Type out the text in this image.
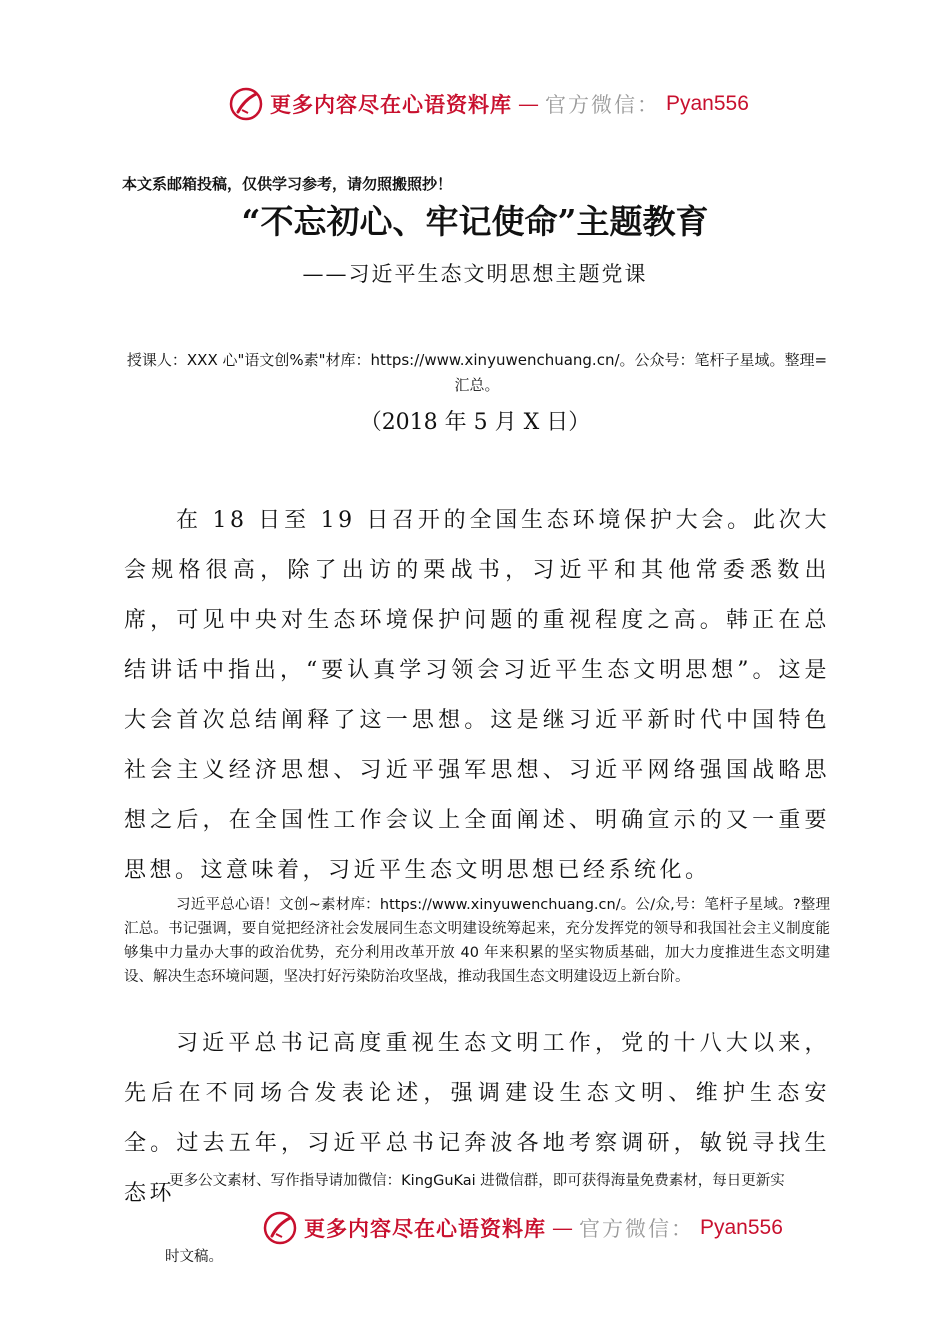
更多内容尽在心语资料库 — 官方微信： Pyan556
本文系邮箱投稿，仅供学习参考，请勿照搬照抄！
“不忘初心、牢记使命”主题教育
——习近平生态文明思想主题党课
授课人：XXX 心"语文创%素"材库：https://www.xinyuwenchuang.cn/。公众号：笔杆子星域。整理=汇总。
（2018 年 5 月 X 日）
在 18 日至 19 日召开的全国生态环境保护大会。此次大会规格很高，除了出访的栗战书，习近平和其他常委悉数出席，可见中央对生态环境保护问题的重视程度之高。韩正在总结讲话中指出，“要认真学习领会习近平生态文明思想”。这是大会首次总结阐释了这一思想。这是继习近平新时代中国特色社会主义经济思想、习近平强军思想、习近平网络强国战略思想之后，在全国性工作会议上全面阐述、明确宣示的又一重要思想。这意味着，习近平生态文明思想已经系统化。
习近平总心语！文创~素材库：https://www.xinyuwenchuang.cn/。公/众,号：笔杆子星域。?整理汇总。书记强调，要自觉把经济社会发展同生态文明建设统筹起来，充分发挥党的领导和我国社会主义制度能够集中力量办大事的政治优势，充分利用改革开放 40 年来积累的坚实物质基础，加大力度推进生态文明建设、解决生态环境问题，坚决打好污染防治攻坚战，推动我国生态文明建设迈上新台阶。
习近平总书记高度重视生态文明工作，党的十八大以来，先后在不同场合发表论述，强调建设生态文明、维护生态安全。过去五年，习近平总书记奔波各地考察调研，敏锐寻找生态环
更多公文素材、写作指导请加微信：KingGuKai 进微信群，即可获得海量免费素材，每日更新实
更多内容尽在心语资料库 — 官方微信： Pyan556
时文稿。
